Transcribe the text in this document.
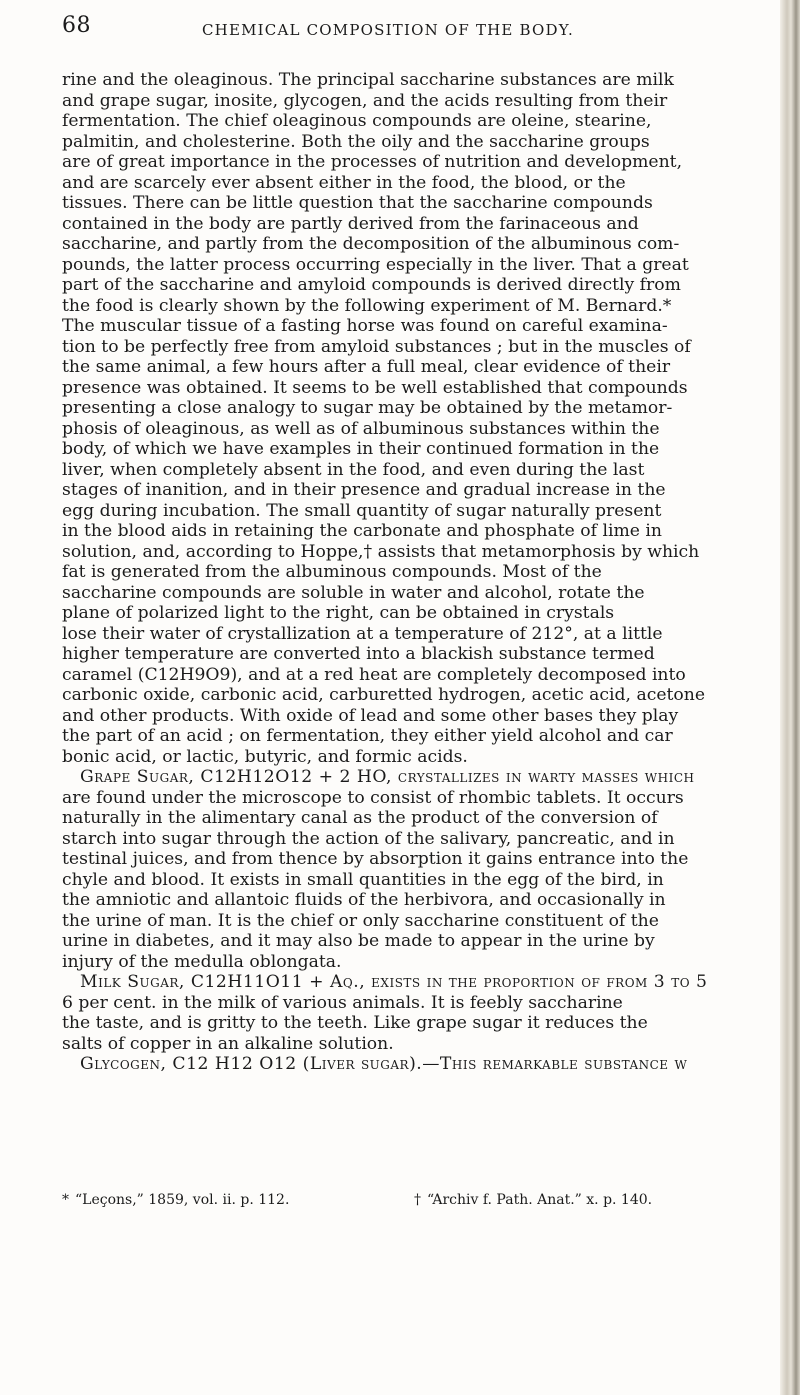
68	CHEMICAL COMPOSITION OF THE BODY.
rine and the oleaginous. The principal saccharine substances are milk
and grape sugar, inosite, glycogen, and the acids resulting from their
fermentation. The chief oleaginous compounds are oleine, stearine,
palmitin, and cholesterine. Both the oily and the saccharine groups
are of great importance in the processes of nutrition and development,
and are scarcely ever absent either in the food, the blood, or the
tissues. There can be little question that the saccharine compounds
contained in the body are partly derived from the farinaceous and
saccharine, and partly from the decomposition of the albuminous com-
pounds, the latter process occurring especially in the liver. That a great
part of the saccharine and amyloid compounds is derived directly from
the food is clearly shown by the following experiment of M. Bernard.*
The muscular tissue of a fasting horse was found on careful examina-
tion to be perfectly free from amyloid substances ; but in the muscles of
the same animal, a few hours after a full meal, clear evidence of their
presence was obtained. It seems to be well established that compounds
presenting a close analogy to sugar may be obtained by the metamor-
phosis of oleaginous, as well as of albuminous substances within the
body, of which we have examples in their continued formation in the
liver, when completely absent in the food, and even during the last
stages of inanition, and in their presence and gradual increase in the
egg during incubation. The small quantity of sugar naturally present
in the blood aids in retaining the carbonate and phosphate of lime in
solution, and, according to Hoppe,† assists that metamorphosis by which
fat is generated from the albuminous compounds. Most of the
saccharine compounds are soluble in water and alcohol, rotate the
plane of polarized light to the right, can be obtained in crystals
lose their water of crystallization at a temperature of 212°, at a little
higher temperature are converted into a blackish substance termed
caramel (C12H9O9), and at a red heat are completely decomposed into
carbonic oxide, carbonic acid, carburetted hydrogen, acetic acid, acetone
and other products. With oxide of lead and some other bases they play
the part of an acid ; on fermentation, they either yield alcohol and car
bonic acid, or lactic, butyric, and formic acids.
Grape Sugar, C12H12O12 + 2 HO, crystallizes in warty masses which
are found under the microscope to consist of rhombic tablets. It occurs
naturally in the alimentary canal as the product of the conversion of
starch into sugar through the action of the salivary, pancreatic, and in
testinal juices, and from thence by absorption it gains entrance into the
chyle and blood. It exists in small quantities in the egg of the bird, in
the amniotic and allantoic fluids of the herbivora, and occasionally in
the urine of man. It is the chief or only saccharine constituent of the
urine in diabetes, and it may also be made to appear in the urine by
injury of the medulla oblongata.
Milk Sugar, C12H11O11 + Aq., exists in the proportion of from 3 to 5
6 per cent. in the milk of various animals. It is feebly saccharine
the taste, and is gritty to the teeth. Like grape sugar it reduces the
salts of copper in an alkaline solution.
Glycogen, C12 H12 O12 (Liver sugar).—This remarkable substance w
* “Leçons,” 1859, vol. ii. p. 112.	† “Archiv f. Path. Anat.” x. p. 140.
